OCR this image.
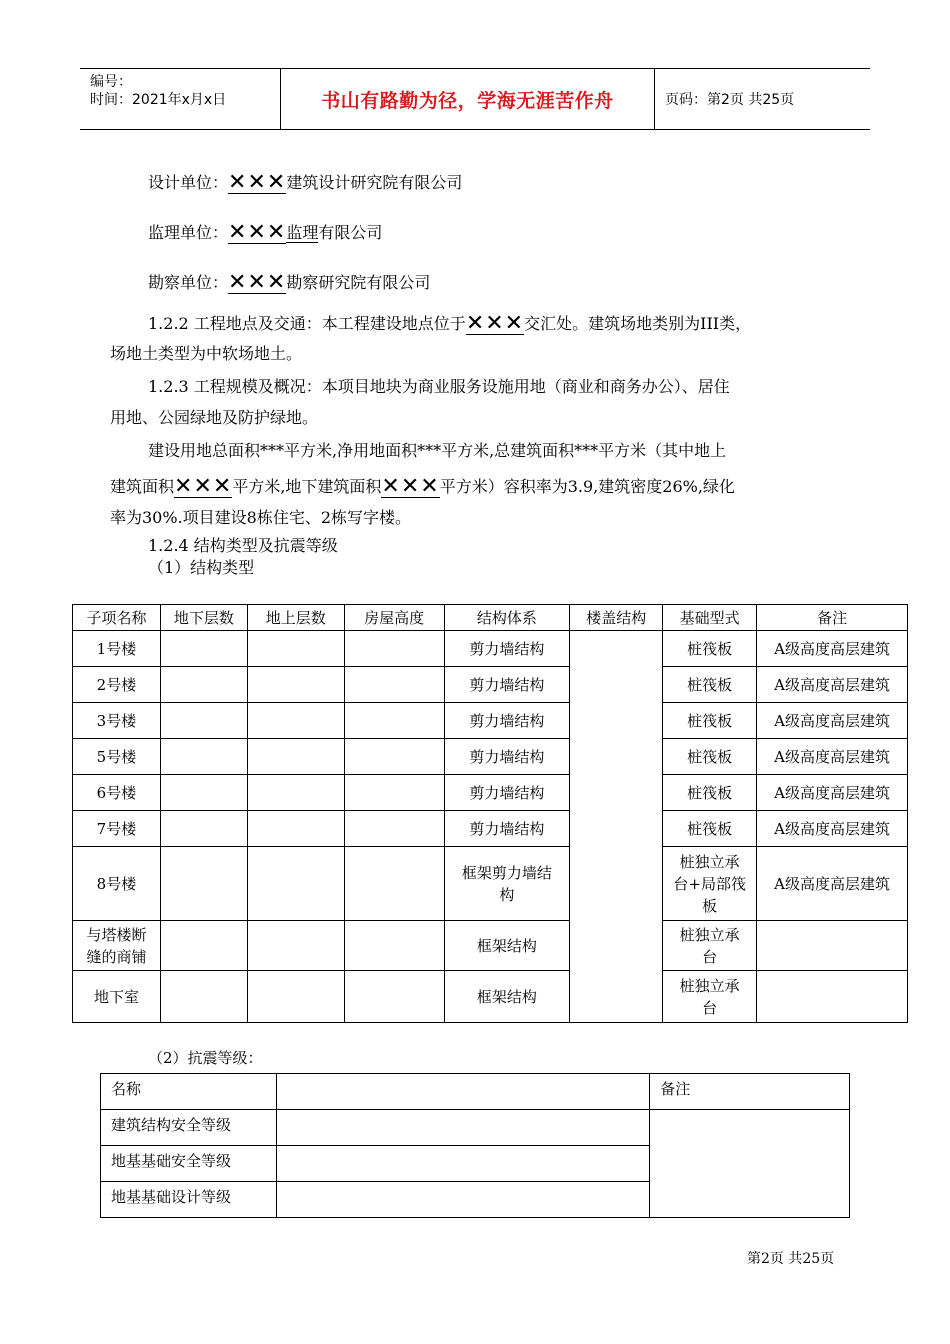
编号：
时间：2021年x月x日	书山有路勤为径，学海无涯苦作舟	页码：第2页 共25页
设计单位：✕✕✕建筑设计研究院有限公司
监理单位：✕✕✕监理有限公司
勘察单位：✕✕✕勘察研究院有限公司
1.2.2 工程地点及交通：本工程建设地点位于✕✕✕交汇处。建筑场地类别为III类，
场地土类型为中软场地土。
1.2.3 工程规模及概况：本项目地块为商业服务设施用地（商业和商务办公）、居住
用地、公园绿地及防护绿地。
建设用地总面积***平方米,净用地面积***平方米,总建筑面积***平方米（其中地上
建筑面积✕✕✕平方米,地下建筑面积✕✕✕平方米）容积率为3.9,建筑密度26%,绿化
率为30%.项目建设8栋住宅、2栋写字楼。
1.2.4 结构类型及抗震等级
（1）结构类型
子项名称	地下层数	地上层数	房屋高度	结构体系	楼盖结构	基础型式	备注
1号楼				剪力墙结构		桩筏板	A级高度高层建筑
2号楼				剪力墙结构		桩筏板	A级高度高层建筑
3号楼				剪力墙结构		桩筏板	A级高度高层建筑
5号楼				剪力墙结构		桩筏板	A级高度高层建筑
6号楼				剪力墙结构		桩筏板	A级高度高层建筑
7号楼				剪力墙结构		桩筏板	A级高度高层建筑
8号楼				框架剪力墙结构		桩独立承台+局部筏板	A级高度高层建筑
与塔楼断缝的商铺				框架结构		桩独立承台	
地下室				框架结构		桩独立承台	
（2）抗震等级：
名称		备注
建筑结构安全等级		
地基基础安全等级		
地基基础设计等级		
第2页 共25页
